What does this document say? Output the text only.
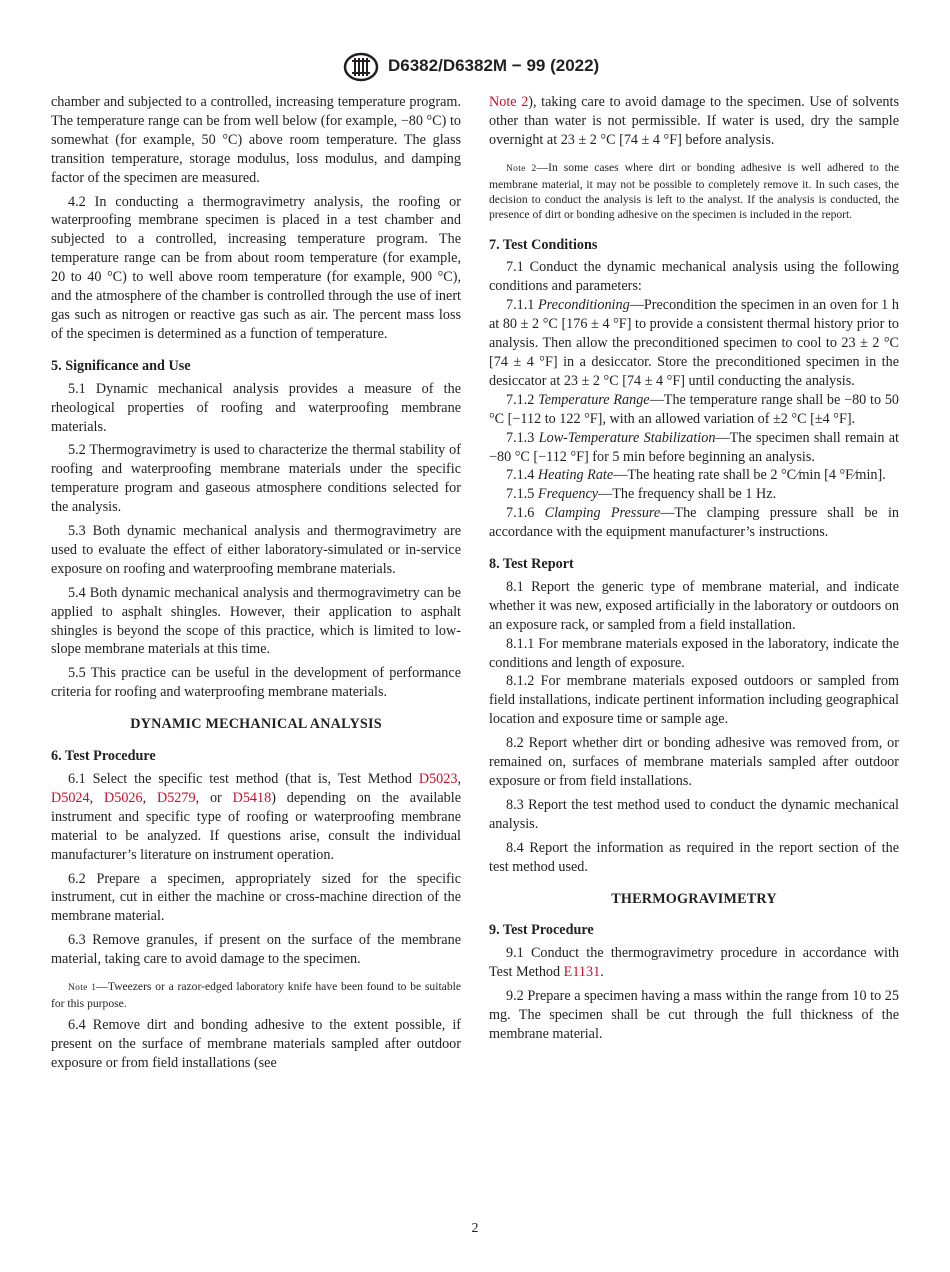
D6382/D6382M − 99 (2022)

chamber and subjected to a controlled, increasing temperature program. The temperature range can be from well below (for example, −80 °C) to somewhat (for example, 50 °C) above room temperature. The glass transition temperature, storage modulus, loss modulus, and damping factor of the specimen are measured.

4.2 In conducting a thermogravimetry analysis, the roofing or waterproofing membrane specimen is placed in a test chamber and subjected to a controlled, increasing temperature program. The temperature range can be from about room temperature (for example, 20 to 40 °C) to well above room temperature (for example, 900 °C), and the atmosphere of the chamber is controlled through the use of inert gas such as nitrogen or reactive gas such as air. The percent mass loss of the specimen is determined as a function of temperature.

5. Significance and Use

5.1 Dynamic mechanical analysis provides a measure of the rheological properties of roofing and waterproofing membrane materials.

5.2 Thermogravimetry is used to characterize the thermal stability of roofing and waterproofing membrane materials under the specific temperature program and gaseous atmosphere conditions selected for the analysis.

5.3 Both dynamic mechanical analysis and thermogravimetry are used to evaluate the effect of either laboratory-simulated or in-service exposure on roofing and waterproofing membrane materials.

5.4 Both dynamic mechanical analysis and thermogravimetry can be applied to asphalt shingles. However, their application to asphalt shingles is beyond the scope of this practice, which is limited to low-slope membrane materials at this time.

5.5 This practice can be useful in the development of performance criteria for roofing and waterproofing membrane materials.

DYNAMIC MECHANICAL ANALYSIS
6. Test Procedure

6.1 Select the specific test method (that is, Test Method D5023, D5024, D5026, D5279, or D5418) depending on the available instrument and specific type of roofing or waterproofing membrane material to be analyzed. If questions arise, consult the individual manufacturer’s literature on instrument operation.

6.2 Prepare a specimen, appropriately sized for the specific instrument, cut in either the machine or cross-machine direction of the membrane material.

6.3 Remove granules, if present on the surface of the membrane material, taking care to avoid damage to the specimen.

Note 1—Tweezers or a razor-edged laboratory knife have been found to be suitable for this purpose.

6.4 Remove dirt and bonding adhesive to the extent possible, if present on the surface of membrane materials sampled after outdoor exposure or from field installations (see

Note 2), taking care to avoid damage to the specimen. Use of solvents other than water is not permissible. If water is used, dry the sample overnight at 23 ± 2 °C [74 ± 4 °F] before analysis.

Note 2—In some cases where dirt or bonding adhesive is well adhered to the membrane material, it may not be possible to completely remove it. In such cases, the decision to conduct the analysis is left to the analyst. If the analysis is conducted, the presence of dirt or bonding adhesive on the specimen is included in the report.

7. Test Conditions

7.1 Conduct the dynamic mechanical analysis using the following conditions and parameters:

7.1.1 Preconditioning—Precondition the specimen in an oven for 1 h at 80 ± 2 °C [176 ± 4 °F] to provide a consistent thermal history prior to analysis. Then allow the preconditioned specimen to cool to 23 ± 2 °C [74 ± 4 °F] in a desiccator. Store the preconditioned specimen in the desiccator at 23 ± 2 °C [74 ± 4 °F] until conducting the analysis.

7.1.2 Temperature Range—The temperature range shall be −80 to 50 °C [−112 to 122 °F], with an allowed variation of ±2 °C [±4 °F].

7.1.3 Low-Temperature Stabilization—The specimen shall remain at −80 °C [−112 °F] for 5 min before beginning an analysis.

7.1.4 Heating Rate—The heating rate shall be 2 °C⁄min [4 °F⁄min].

7.1.5 Frequency—The frequency shall be 1 Hz.

7.1.6 Clamping Pressure—The clamping pressure shall be in accordance with the equipment manufacturer’s instructions.

8. Test Report

8.1 Report the generic type of membrane material, and indicate whether it was new, exposed artificially in the laboratory or outdoors on an exposure rack, or sampled from a field installation.

8.1.1 For membrane materials exposed in the laboratory, indicate the conditions and length of exposure.

8.1.2 For membrane materials exposed outdoors or sampled from field installations, indicate pertinent information including geographical location and exposure time or sample age.

8.2 Report whether dirt or bonding adhesive was removed from, or remained on, surfaces of membrane materials sampled after outdoor exposure or from field installations.

8.3 Report the test method used to conduct the dynamic mechanical analysis.

8.4 Report the information as required in the report section of the test method used.

THERMOGRAVIMETRY
9. Test Procedure

9.1 Conduct the thermogravimetry procedure in accordance with Test Method E1131.

9.2 Prepare a specimen having a mass within the range from 10 to 25 mg. The specimen shall be cut through the full thickness of the membrane material.

2
